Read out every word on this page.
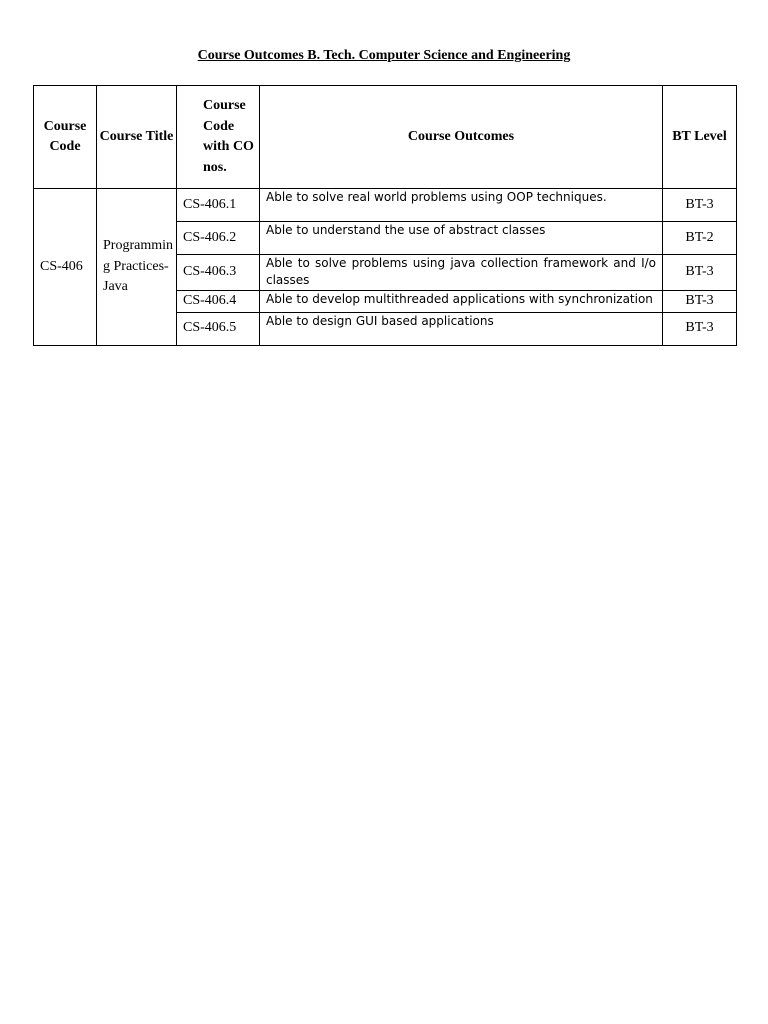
Course Outcomes B. Tech. Computer Science and Engineering
Course Code	Course Title	Course Code with CO nos.	Course Outcomes	BT Level
CS-406	Programming Practices-Java	CS-406.1	Able to solve real world problems using OOP techniques.	BT-3
		CS-406.2	Able to understand the use of abstract classes	BT-2
		CS-406.3	Able to solve problems using java collection framework and I/o classes	BT-3
		CS-406.4	Able to develop multithreaded applications with synchronization	BT-3
		CS-406.5	Able to design GUI based applications	BT-3
